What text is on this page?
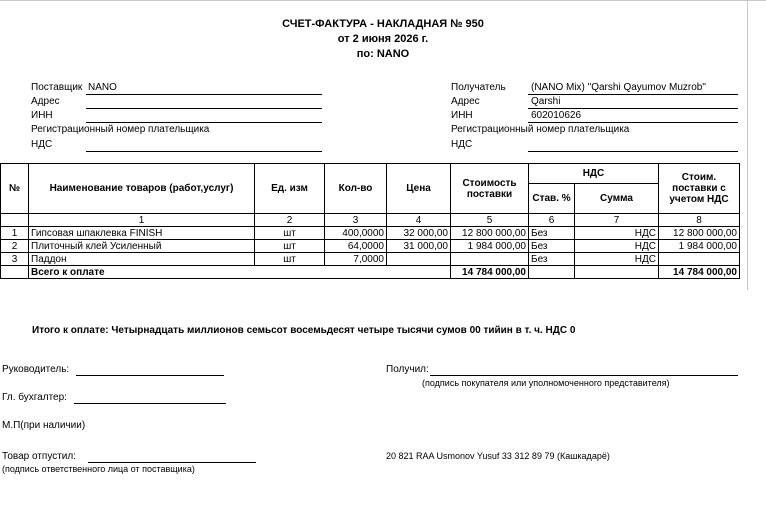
СЧЕТ-ФАКТУРА - НАКЛАДНАЯ № 950
от 2 июня 2026 г.
по: NANO
Поставщик NANO
Адрес
ИНН
Регистрационный номер плательщика
НДС
Получатель	(NANO Mix) "Qarshi Qayumov Muzrob"
Адрес	Qarshi
ИНН	602010626
Регистрационный номер плательщика
НДС
№	Наименование товаров (работ,услуг)	Ед. изм	Кол-во	Цена	Стоимость поставки	НДС		Стоим. поставки с учетом НДС
						Став. %	Сумма	
	1	2	3	4	5	6	7	8
1	Гипсовая шпаклевка FINISH	шт	400,0000	32 000,00	12 800 000,00	Без	НДС	12 800 000,00
2	Плиточный клей Усиленный	шт	64,0000	31 000,00	1 984 000,00	Без	НДС	1 984 000,00
3	Паддон	шт	7,0000			Без	НДС	
	Всего к оплате				14 784 000,00			14 784 000,00
Итого к оплате: Четырнадцать миллионов семьсот восемьдесят четыре тысячи сумов 00 тийин в т. ч. НДС 0
Руководитель:	Получил:
(подпись покупателя или уполномоченного представителя)
Гл. бухгалтер:
М.П(при наличии)
Товар отпустил:
(подпись ответственного лица от поставщика)
20 821 RAA Usmonov Yusuf 33 312 89 79 (Кашкадарё)
